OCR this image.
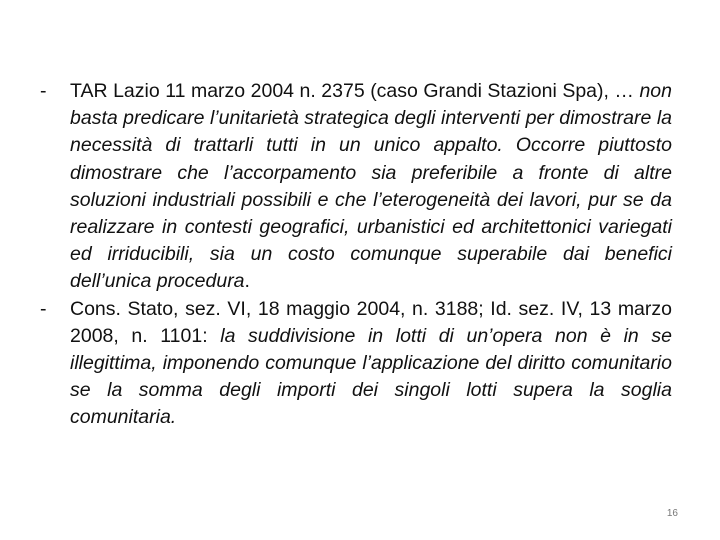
-	TAR Lazio 11 marzo 2004 n. 2375 (caso Grandi Stazioni Spa), … non basta predicare l’unitarietà strategica degli interventi per dimostrare la necessità di trattarli tutti in un unico appalto. Occorre piuttosto dimostrare che l’accorpamento sia preferibile a fronte di altre soluzioni industriali possibili e che l’eterogeneità dei lavori, pur se da realizzare in contesti geografici, urbanistici ed architettonici variegati ed irriducibili, sia un costo comunque superabile dai benefici dell’unica procedura.

-	Cons. Stato, sez. VI, 18 maggio 2004, n. 3188; Id. sez. IV, 13 marzo 2008, n. 1101: la suddivisione in lotti di un’opera non è in se illegittima, imponendo comunque l’applicazione del diritto comunitario se la somma degli importi dei singoli lotti supera la soglia comunitaria.

16
